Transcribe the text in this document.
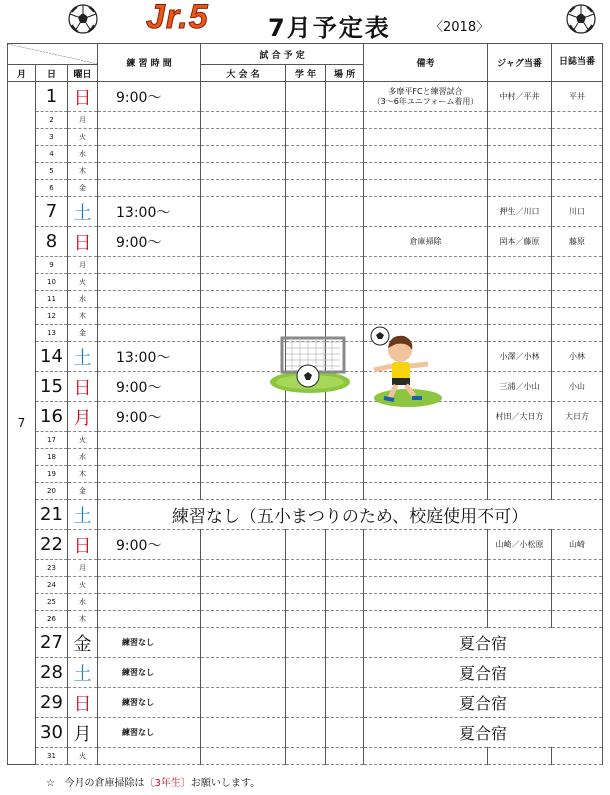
Jr.5 7月予定表	〈2018〉
	練 習 時 間	試 合 予 定			備考	ジャグ当番	日誌当番
月	日	曜日		大 会 名	学 年	場 所			
7	1	日	9:00～				多摩平FCと練習試合
（3～6年ユニフォーム着用）	中村／平井	平井
	2	月							
	3	火							
	4	水							
	5	木							
	6	金							
	7	土	13:00～					押生／川口	川口
	8	日	9:00～				倉庫掃除	岡本／藤原	藤原
	9	月							
	10	火							
	11	水							
	12	木							
	13	金							
	14	土	13:00～					小澤／小林	小林
	15	日	9:00～					三浦／小山	小山
	16	月	9:00～					村田／大日方	大日方
	17	火							
	18	水							
	19	木							
	20	金							
	21	土	練習なし（五小まつりのため、校庭使用不可）						
	22	日	9:00～					山崎／小松原	山崎
	23	月							
	24	火							
	25	水							
	26	木							
	27	金	練習なし				夏合宿		
	28	土	練習なし				夏合宿		
	29	日	練習なし				夏合宿		
	30	月	練習なし				夏合宿		
	31	火							
☆ 今月の倉庫掃除は〔3年生〕お願いします。
